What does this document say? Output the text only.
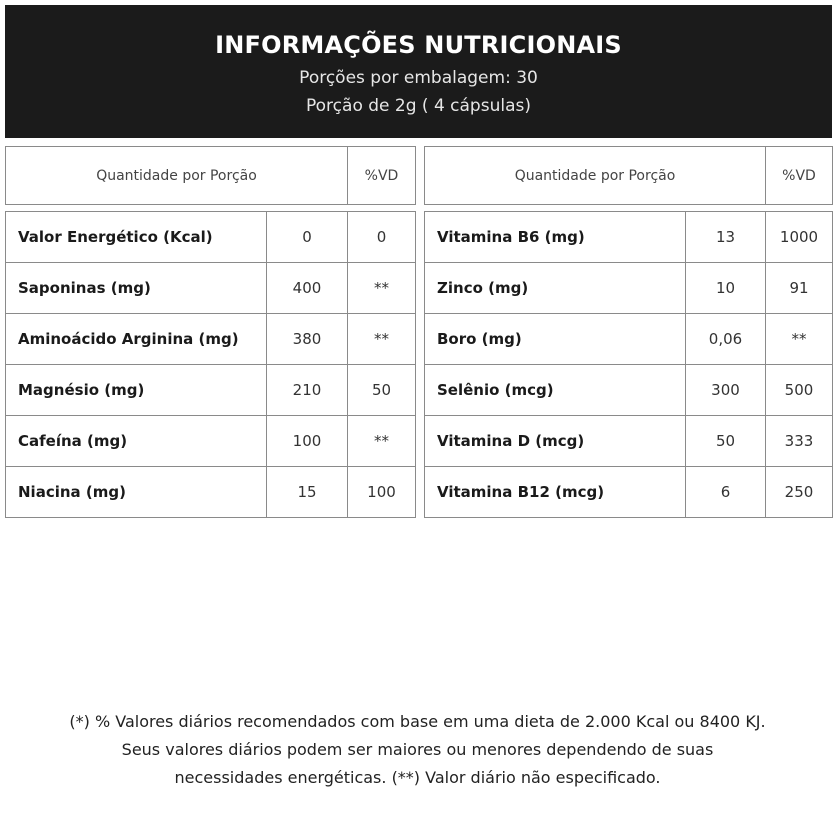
INFORMAÇÕES NUTRICIONAIS
Porções por embalagem: 30
Porção de 2g ( 4 cápsulas)
Quantidade por Porção	%VD	Quantidade por Porção	%VD
Valor Energético (Kcal)	0	0
Saponinas (mg)	400	**
Aminoácido Arginina (mg)	380	**
Magnésio (mg)	210	50
Cafeína (mg)	100	**
Niacina (mg)	15	100
Vitamina B6 (mg)	13	1000
Zinco (mg)	10	91
Boro (mg)	0,06	**
Selênio (mcg)	300	500
Vitamina D (mcg)	50	333
Vitamina B12 (mcg)	6	250
(*) % Valores diários recomendados com base em uma dieta de 2.000 Kcal ou 8400 KJ.
Seus valores diários podem ser maiores ou menores dependendo de suas
necessidades energéticas. (**) Valor diário não especificado.
